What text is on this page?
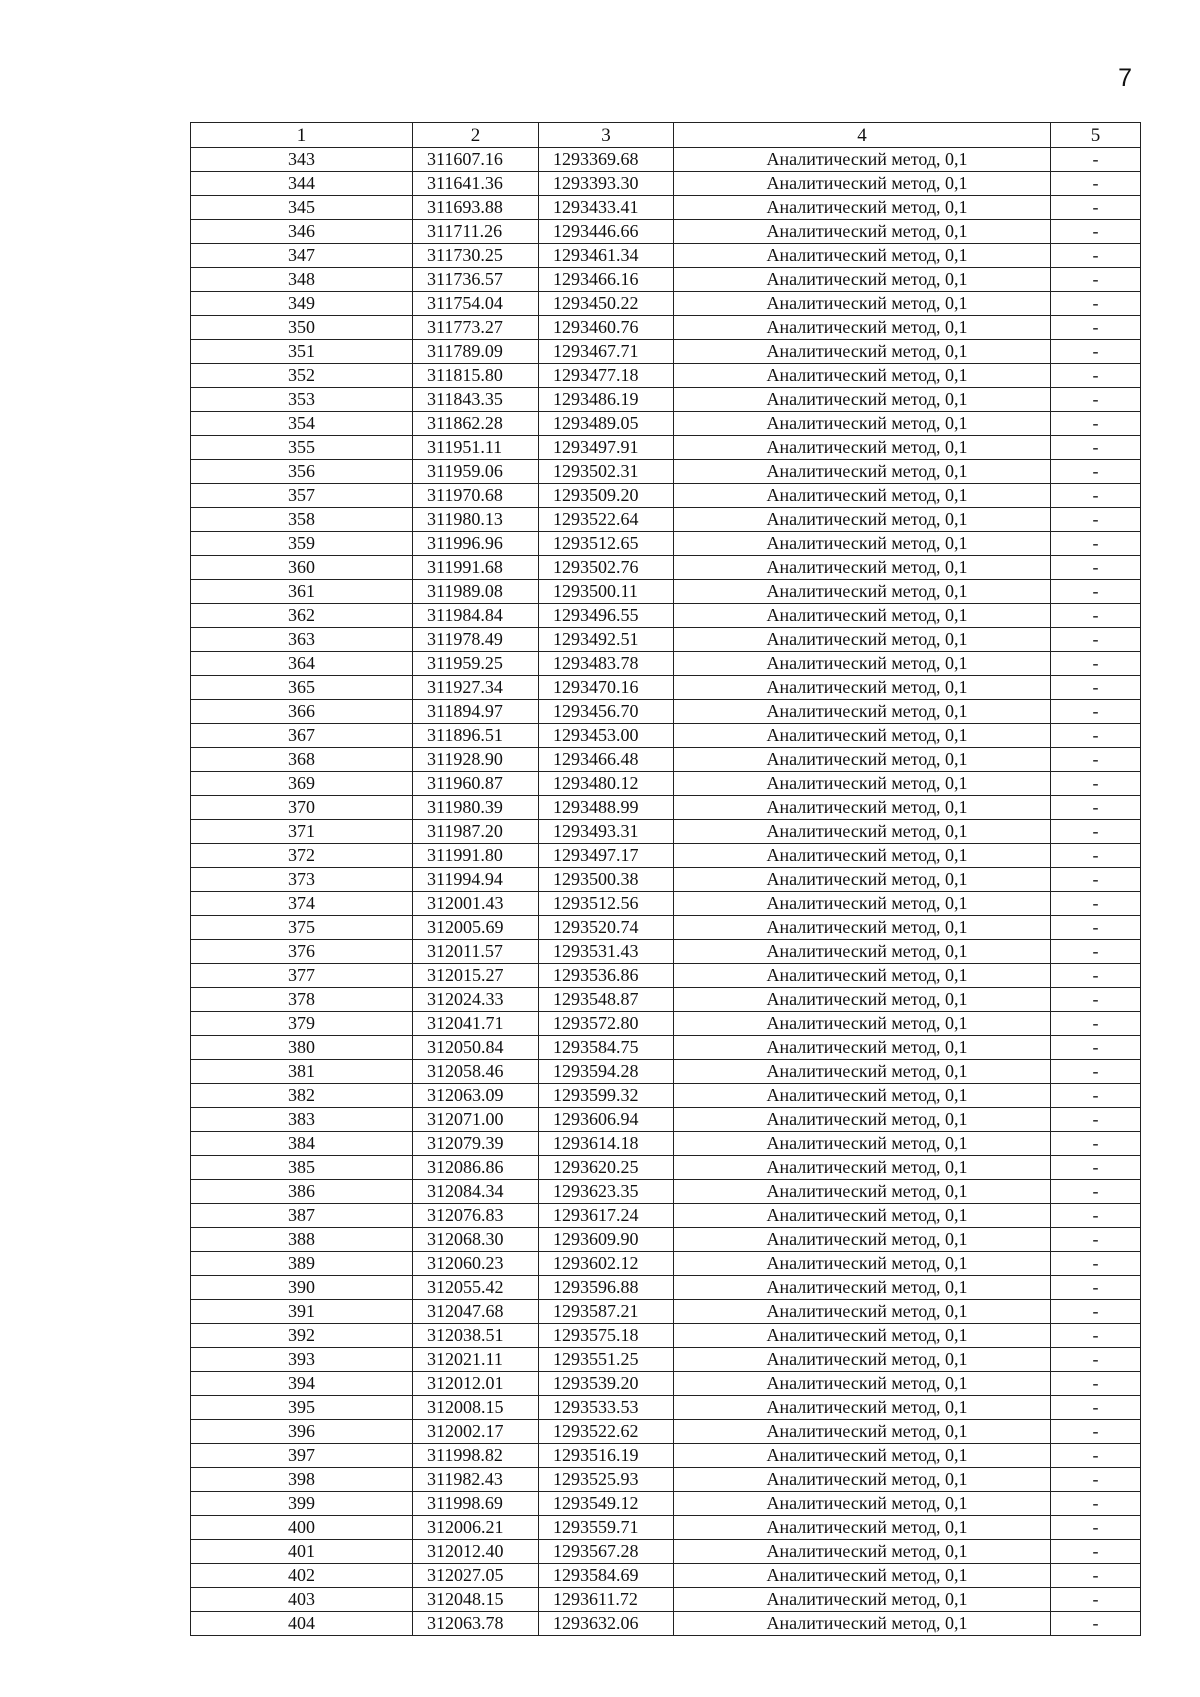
7
1	2	3	4	5
343	311607.16	1293369.68	Аналитический метод, 0,1	-
344	311641.36	1293393.30	Аналитический метод, 0,1	-
345	311693.88	1293433.41	Аналитический метод, 0,1	-
346	311711.26	1293446.66	Аналитический метод, 0,1	-
347	311730.25	1293461.34	Аналитический метод, 0,1	-
348	311736.57	1293466.16	Аналитический метод, 0,1	-
349	311754.04	1293450.22	Аналитический метод, 0,1	-
350	311773.27	1293460.76	Аналитический метод, 0,1	-
351	311789.09	1293467.71	Аналитический метод, 0,1	-
352	311815.80	1293477.18	Аналитический метод, 0,1	-
353	311843.35	1293486.19	Аналитический метод, 0,1	-
354	311862.28	1293489.05	Аналитический метод, 0,1	-
355	311951.11	1293497.91	Аналитический метод, 0,1	-
356	311959.06	1293502.31	Аналитический метод, 0,1	-
357	311970.68	1293509.20	Аналитический метод, 0,1	-
358	311980.13	1293522.64	Аналитический метод, 0,1	-
359	311996.96	1293512.65	Аналитический метод, 0,1	-
360	311991.68	1293502.76	Аналитический метод, 0,1	-
361	311989.08	1293500.11	Аналитический метод, 0,1	-
362	311984.84	1293496.55	Аналитический метод, 0,1	-
363	311978.49	1293492.51	Аналитический метод, 0,1	-
364	311959.25	1293483.78	Аналитический метод, 0,1	-
365	311927.34	1293470.16	Аналитический метод, 0,1	-
366	311894.97	1293456.70	Аналитический метод, 0,1	-
367	311896.51	1293453.00	Аналитический метод, 0,1	-
368	311928.90	1293466.48	Аналитический метод, 0,1	-
369	311960.87	1293480.12	Аналитический метод, 0,1	-
370	311980.39	1293488.99	Аналитический метод, 0,1	-
371	311987.20	1293493.31	Аналитический метод, 0,1	-
372	311991.80	1293497.17	Аналитический метод, 0,1	-
373	311994.94	1293500.38	Аналитический метод, 0,1	-
374	312001.43	1293512.56	Аналитический метод, 0,1	-
375	312005.69	1293520.74	Аналитический метод, 0,1	-
376	312011.57	1293531.43	Аналитический метод, 0,1	-
377	312015.27	1293536.86	Аналитический метод, 0,1	-
378	312024.33	1293548.87	Аналитический метод, 0,1	-
379	312041.71	1293572.80	Аналитический метод, 0,1	-
380	312050.84	1293584.75	Аналитический метод, 0,1	-
381	312058.46	1293594.28	Аналитический метод, 0,1	-
382	312063.09	1293599.32	Аналитический метод, 0,1	-
383	312071.00	1293606.94	Аналитический метод, 0,1	-
384	312079.39	1293614.18	Аналитический метод, 0,1	-
385	312086.86	1293620.25	Аналитический метод, 0,1	-
386	312084.34	1293623.35	Аналитический метод, 0,1	-
387	312076.83	1293617.24	Аналитический метод, 0,1	-
388	312068.30	1293609.90	Аналитический метод, 0,1	-
389	312060.23	1293602.12	Аналитический метод, 0,1	-
390	312055.42	1293596.88	Аналитический метод, 0,1	-
391	312047.68	1293587.21	Аналитический метод, 0,1	-
392	312038.51	1293575.18	Аналитический метод, 0,1	-
393	312021.11	1293551.25	Аналитический метод, 0,1	-
394	312012.01	1293539.20	Аналитический метод, 0,1	-
395	312008.15	1293533.53	Аналитический метод, 0,1	-
396	312002.17	1293522.62	Аналитический метод, 0,1	-
397	311998.82	1293516.19	Аналитический метод, 0,1	-
398	311982.43	1293525.93	Аналитический метод, 0,1	-
399	311998.69	1293549.12	Аналитический метод, 0,1	-
400	312006.21	1293559.71	Аналитический метод, 0,1	-
401	312012.40	1293567.28	Аналитический метод, 0,1	-
402	312027.05	1293584.69	Аналитический метод, 0,1	-
403	312048.15	1293611.72	Аналитический метод, 0,1	-
404	312063.78	1293632.06	Аналитический метод, 0,1	-
